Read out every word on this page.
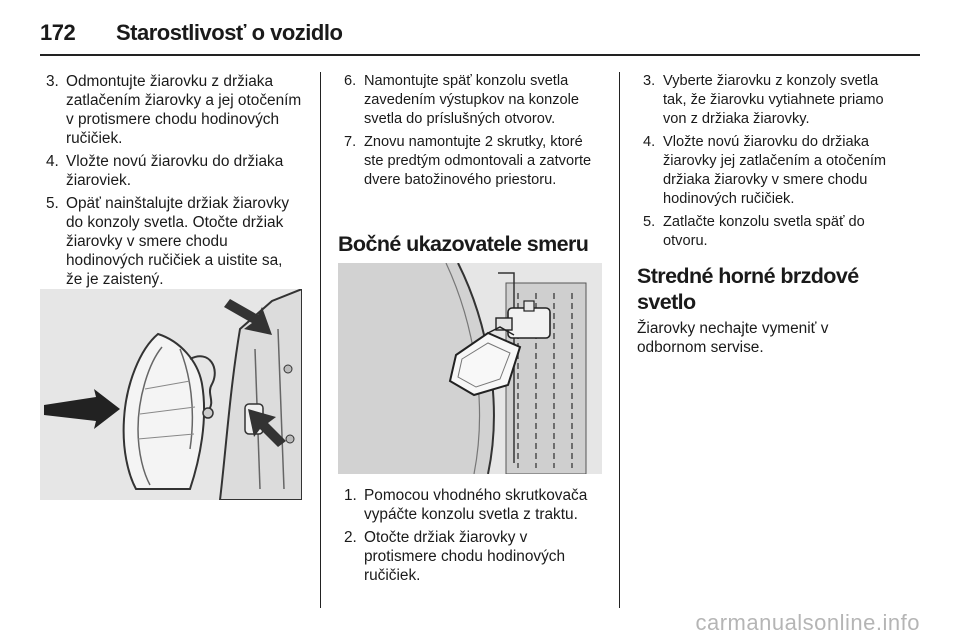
172 Starostlivosť o vozidlo
3. Odmontujte žiarovku z držiaka zatlačením žiarovky a jej otočením v protismere chodu hodinových ručičiek.
4. Vložte novú žiarovku do držiaka žiaroviek.
5. Opäť nainštalujte držiak žiarovky do konzoly svetla. Otočte držiak žiarovky v smere chodu hodinových ručičiek a uistite sa, že je zaistený.
6. Namontujte späť konzolu svetla zavedením výstupkov na konzole svetla do príslušných otvorov.
7. Znovu namontujte 2 skrutky, ktoré ste predtým odmontovali a zatvorte dvere batožinového priestoru.
Bočné ukazovatele smeru
1. Pomocou vhodného skrutkovača vypáčte konzolu svetla z traktu.
2. Otočte držiak žiarovky v protismere chodu hodinových ručičiek.
3. Vyberte žiarovku z konzoly svetla tak, že žiarovku vytiahnete priamo von z držiaka žiarovky.
4. Vložte novú žiarovku do držiaka žiarovky jej zatlačením a otočením držiaka žiarovky v smere chodu hodinových ručičiek.
5. Zatlačte konzolu svetla späť do otvoru.
Stredné horné brzdové svetlo

Žiarovky nechajte vymeniť v odbornom servise.

carmanualsonline.info
